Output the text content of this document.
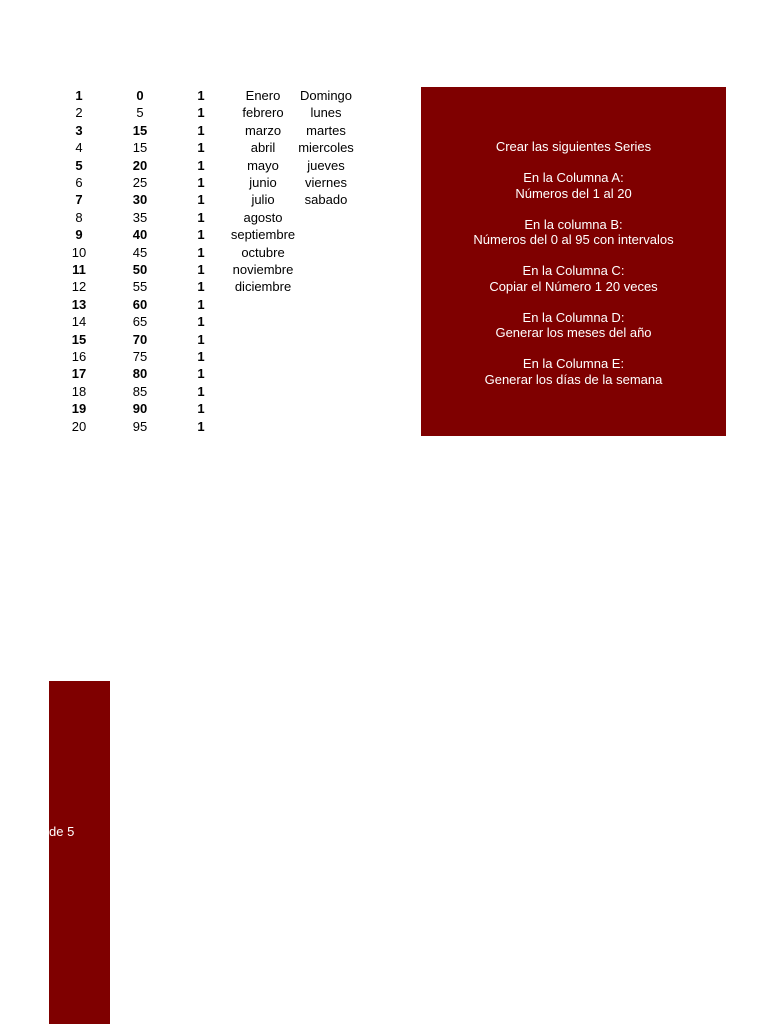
1
2
3
4
5
6
7
8
9
10
11
12
13
14
15
16
17
18
19
20
0
5
15
15
20
25
30
35
40
45
50
55
60
65
70
75
80
85
90
95
1
1
1
1
1
1
1
1
1
1
1
1
1
1
1
1
1
1
1
1
Enero
febrero
marzo
abril
mayo
junio
julio
agosto
septiembre
octubre
noviembre
diciembre
Domingo
lunes
martes
miercoles
jueves
viernes
sabado
Crear las siguientes Series
En la Columna A:
Números del 1 al 20
En la columna B:
Números del 0 al 95 con intervalos
En la Columna C:
Copiar el Número 1 20 veces
En la Columna D:
Generar los meses del año
En la Columna E:
Generar los días de la semana
de 5
